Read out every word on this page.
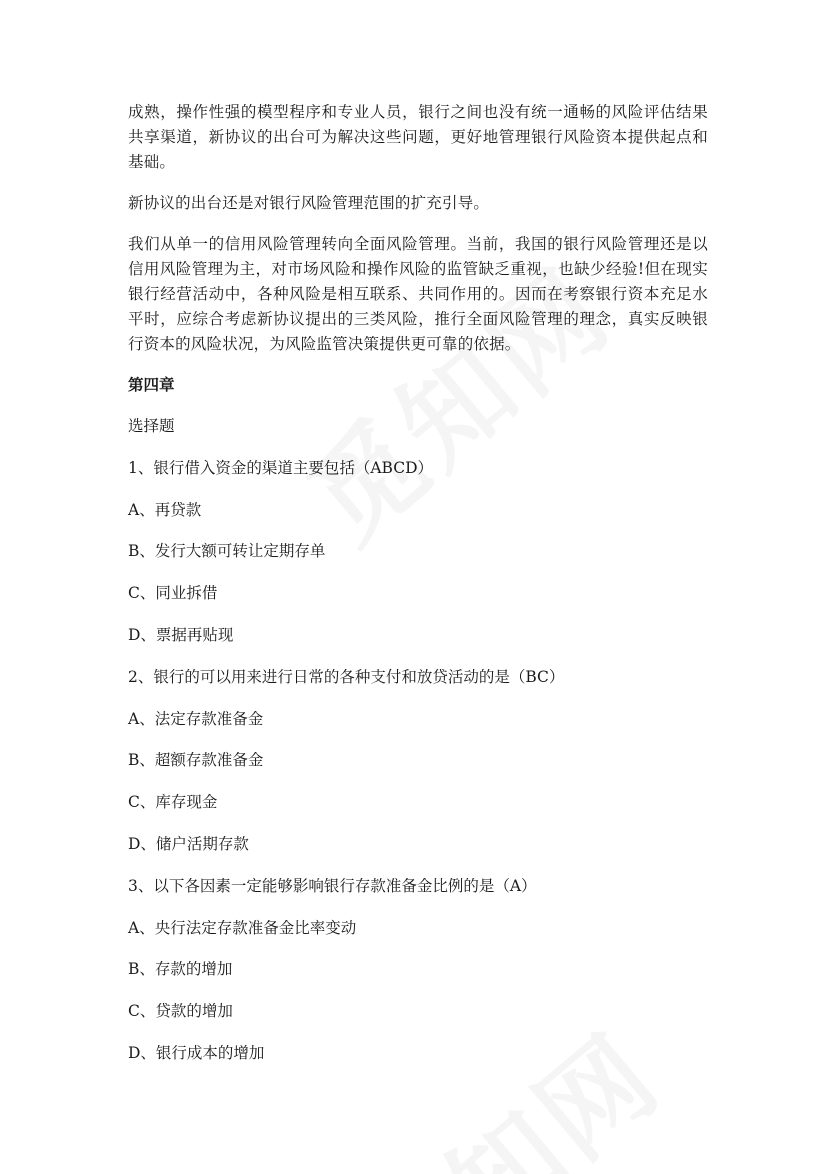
成熟，操作性强的模型程序和专业人员，银行之间也没有统一通畅的风险评估结果共享渠道，新协议的出台可为解决这些问题，更好地管理银行风险资本提供起点和基础。

新协议的出台还是对银行风险管理范围的扩充引导。

我们从单一的信用风险管理转向全面风险管理。当前，我国的银行风险管理还是以信用风险管理为主，对市场风险和操作风险的监管缺乏重视，也缺少经验!但在现实银行经营活动中，各种风险是相互联系、共同作用的。因而在考察银行资本充足水平时，应综合考虑新协议提出的三类风险，推行全面风险管理的理念，真实反映银行资本的风险状况，为风险监管决策提供更可靠的依据。

第四章
选择题
1、银行借入资金的渠道主要包括（ABCD）
A、再贷款
B、发行大额可转让定期存单
C、同业拆借
D、票据再贴现
2、银行的可以用来进行日常的各种支付和放贷活动的是（BC）
A、法定存款准备金
B、超额存款准备金
C、库存现金
D、储户活期存款
3、以下各因素一定能够影响银行存款准备金比例的是（A）
A、央行法定存款准备金比率变动
B、存款的增加
C、贷款的增加
D、银行成本的增加
